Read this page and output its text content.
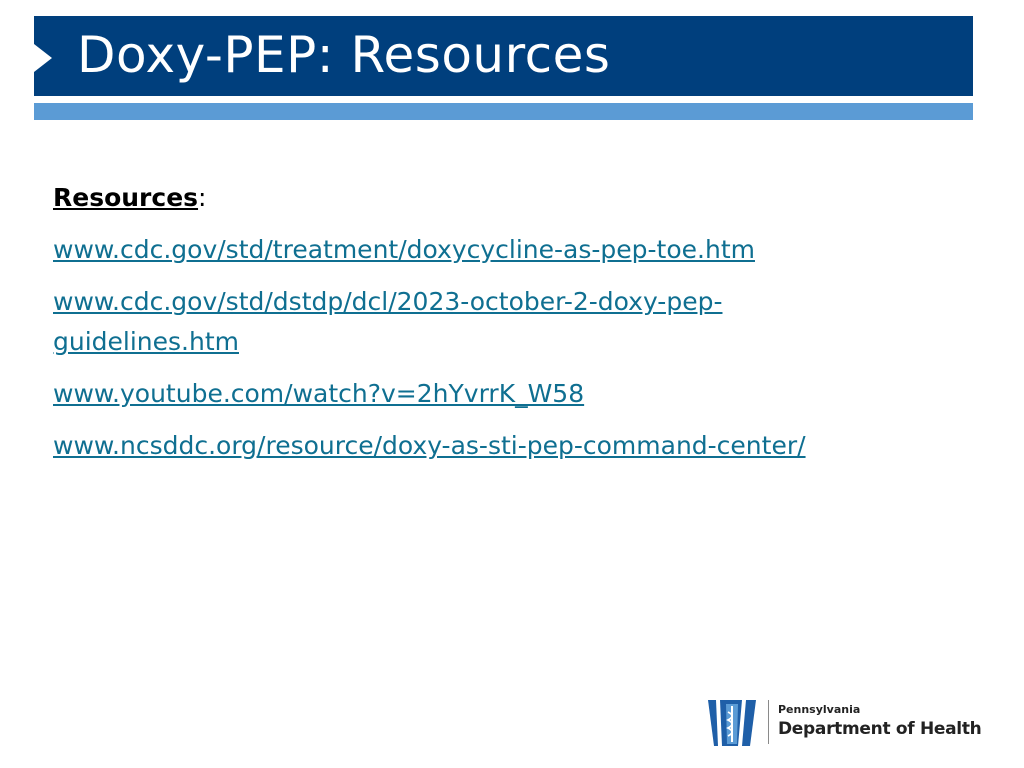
Doxy-PEP: Resources
Resources:
www.cdc.gov/std/treatment/doxycycline-as-pep-toe.htm
www.cdc.gov/std/dstdp/dcl/2023-october-2-doxy-pep-guidelines.htm
www.youtube.com/watch?v=2hYvrrK_W58
www.ncsddc.org/resource/doxy-as-sti-pep-command-center/
Pennsylvania
Department of Health
